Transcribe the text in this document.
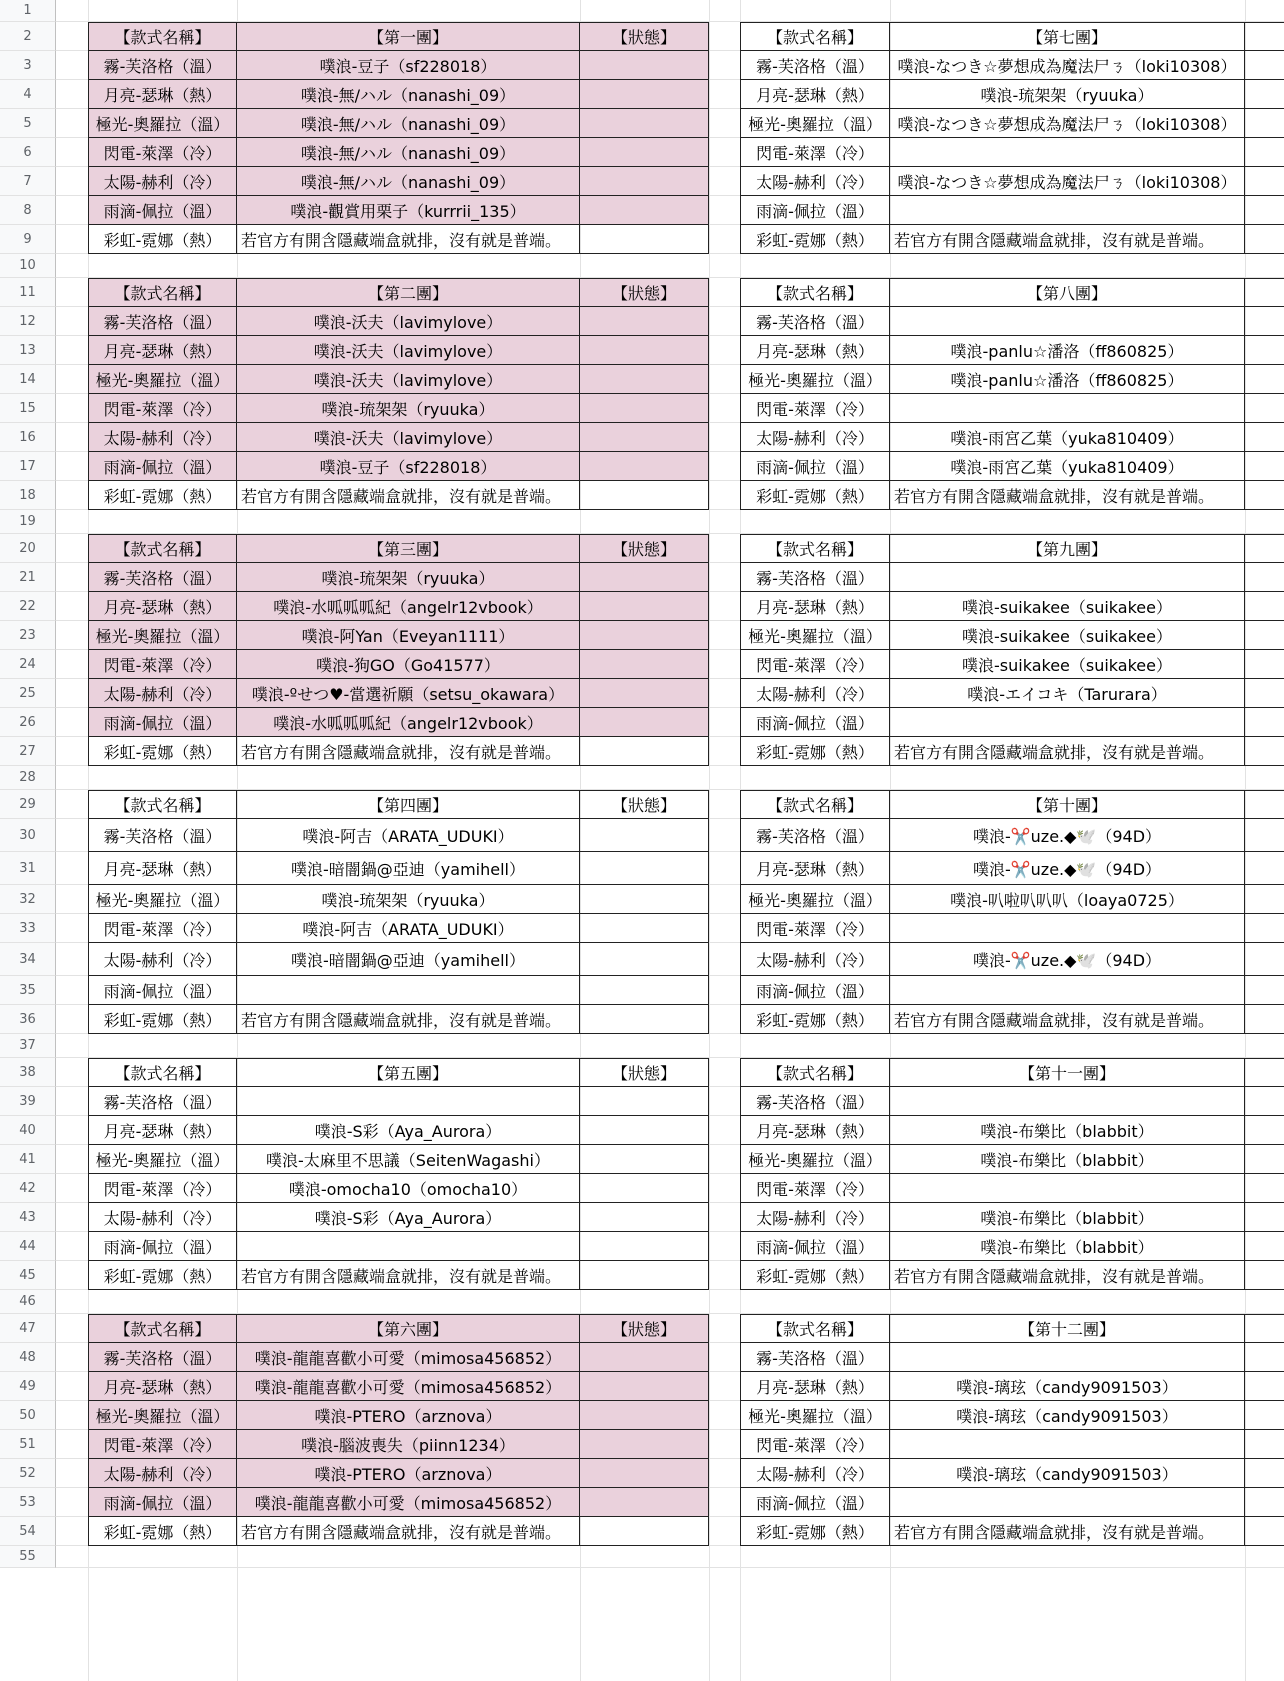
1
2
3
4
5
6
7
8
9
10
11
12
13
14
15
16
17
18
19
20
21
22
23
24
25
26
27
28
29
30
31
32
33
34
35
36
37
38
39
40
41
42
43
44
45
46
47
48
49
50
51
52
53
54
55
【款式名稱】	【第一團】	【狀態】
霧-芙洛格（溫）	噗浪-豆子（sf228018）
月亮-瑟琳（熱）	噗浪-無/ハル（nanashi_09）
極光-奧羅拉（溫）	噗浪-無/ハル（nanashi_09）
閃電-萊澤（冷）	噗浪-無/ハル（nanashi_09）
太陽-赫利（冷）	噗浪-無/ハル（nanashi_09）
雨滴-佩拉（溫）	噗浪-觀賞用栗子（kurrrii_135）
彩虹-霓娜（熱）	若官方有開含隱藏端盒就排，沒有就是普端。
【款式名稱】	【第二團】	【狀態】
霧-芙洛格（溫）	噗浪-沃夫（lavimylove）
月亮-瑟琳（熱）	噗浪-沃夫（lavimylove）
極光-奧羅拉（溫）	噗浪-沃夫（lavimylove）
閃電-萊澤（冷）	噗浪-琉架架（ryuuka）
太陽-赫利（冷）	噗浪-沃夫（lavimylove）
雨滴-佩拉（溫）	噗浪-豆子（sf228018）
彩虹-霓娜（熱）	若官方有開含隱藏端盒就排，沒有就是普端。
【款式名稱】	【第三團】	【狀態】
霧-芙洛格（溫）	噗浪-琉架架（ryuuka）
月亮-瑟琳（熱）	噗浪-水呱呱呱紀（angelr12vbook）
極光-奧羅拉（溫）	噗浪-阿Yan（Eveyan1111）
閃電-萊澤（冷）	噗浪-狗GO（Go41577）
太陽-赫利（冷）	噗浪-ºせつ♥-當選祈願（setsu_okawara）
雨滴-佩拉（溫）	噗浪-水呱呱呱紀（angelr12vbook）
彩虹-霓娜（熱）	若官方有開含隱藏端盒就排，沒有就是普端。
【款式名稱】	【第四團】	【狀態】
霧-芙洛格（溫）	噗浪-阿吉（ARATA_UDUKI）
月亮-瑟琳（熱）	噗浪-暗闇鍋@亞迪（yamihell）
極光-奧羅拉（溫）	噗浪-琉架架（ryuuka）
閃電-萊澤（冷）	噗浪-阿吉（ARATA_UDUKI）
太陽-赫利（冷）	噗浪-暗闇鍋@亞迪（yamihell）
雨滴-佩拉（溫）
彩虹-霓娜（熱）	若官方有開含隱藏端盒就排，沒有就是普端。
【款式名稱】	【第五團】	【狀態】
霧-芙洛格（溫）
月亮-瑟琳（熱）	噗浪-S彩（Aya_Aurora）
極光-奧羅拉（溫）	噗浪-太麻里不思議（SeitenWagashi）
閃電-萊澤（冷）	噗浪-omocha10（omocha10）
太陽-赫利（冷）	噗浪-S彩（Aya_Aurora）
雨滴-佩拉（溫）
彩虹-霓娜（熱）	若官方有開含隱藏端盒就排，沒有就是普端。
【款式名稱】	【第六團】	【狀態】
霧-芙洛格（溫）	噗浪-龍龍喜歡小可愛（mimosa456852）
月亮-瑟琳（熱）	噗浪-龍龍喜歡小可愛（mimosa456852）
極光-奧羅拉（溫）	噗浪-PTERO（arznova）
閃電-萊澤（冷）	噗浪-腦波喪失（piinn1234）
太陽-赫利（冷）	噗浪-PTERO（arznova）
雨滴-佩拉（溫）	噗浪-龍龍喜歡小可愛（mimosa456852）
彩虹-霓娜（熱）	若官方有開含隱藏端盒就排，沒有就是普端。
【款式名稱】	【第七團】
霧-芙洛格（溫）	噗浪-なつき☆夢想成為魔法尸ㄋ（loki10308）
月亮-瑟琳（熱）	噗浪-琉架架（ryuuka）
極光-奧羅拉（溫） 噗浪-なつき☆夢想成為魔法尸ㄋ（loki10308）
閃電-萊澤（冷）
太陽-赫利（冷）	噗浪-なつき☆夢想成為魔法尸ㄋ（loki10308）
雨滴-佩拉（溫）
彩虹-霓娜（熱）	若官方有開含隱藏端盒就排，沒有就是普端。
【款式名稱】	【第八團】
霧-芙洛格（溫）
月亮-瑟琳（熱）	噗浪-panlu☆潘洛（ff860825）
極光-奧羅拉（溫）	噗浪-panlu☆潘洛（ff860825）
閃電-萊澤（冷）
太陽-赫利（冷）	噗浪-雨宮乙葉（yuka810409）
雨滴-佩拉（溫）	噗浪-雨宮乙葉（yuka810409）
彩虹-霓娜（熱）	若官方有開含隱藏端盒就排，沒有就是普端。
【款式名稱】	【第九團】
霧-芙洛格（溫）
月亮-瑟琳（熱）	噗浪-suikakee（suikakee）
極光-奧羅拉（溫）	噗浪-suikakee（suikakee）
閃電-萊澤（冷）	噗浪-suikakee（suikakee）
太陽-赫利（冷）	噗浪-エイコキ（Tarurara）
雨滴-佩拉（溫）
彩虹-霓娜（熱）	若官方有開含隱藏端盒就排，沒有就是普端。
【款式名稱】	【第十團】
霧-芙洛格（溫）	噗浪-✂️uze.◆🕊️（94D）
月亮-瑟琳（熱）	噗浪-✂️uze.◆🕊️（94D）
極光-奧羅拉（溫）	噗浪-叭啦叭叭叭（loaya0725）
閃電-萊澤（冷）
太陽-赫利（冷）	噗浪-✂️uze.◆🕊️（94D）
雨滴-佩拉（溫）
彩虹-霓娜（熱）	若官方有開含隱藏端盒就排，沒有就是普端。
【款式名稱】	【第十一團】
霧-芙洛格（溫）
月亮-瑟琳（熱）	噗浪-布樂比（blabbit）
極光-奧羅拉（溫）	噗浪-布樂比（blabbit）
閃電-萊澤（冷）
太陽-赫利（冷）	噗浪-布樂比（blabbit）
雨滴-佩拉（溫）	噗浪-布樂比（blabbit）
彩虹-霓娜（熱）	若官方有開含隱藏端盒就排，沒有就是普端。
【款式名稱】	【第十二團】
霧-芙洛格（溫）
月亮-瑟琳（熱）	噗浪-璃玹（candy9091503）
極光-奧羅拉（溫）	噗浪-璃玹（candy9091503）
閃電-萊澤（冷）
太陽-赫利（冷）	噗浪-璃玹（candy9091503）
雨滴-佩拉（溫）
彩虹-霓娜（熱）	若官方有開含隱藏端盒就排，沒有就是普端。
